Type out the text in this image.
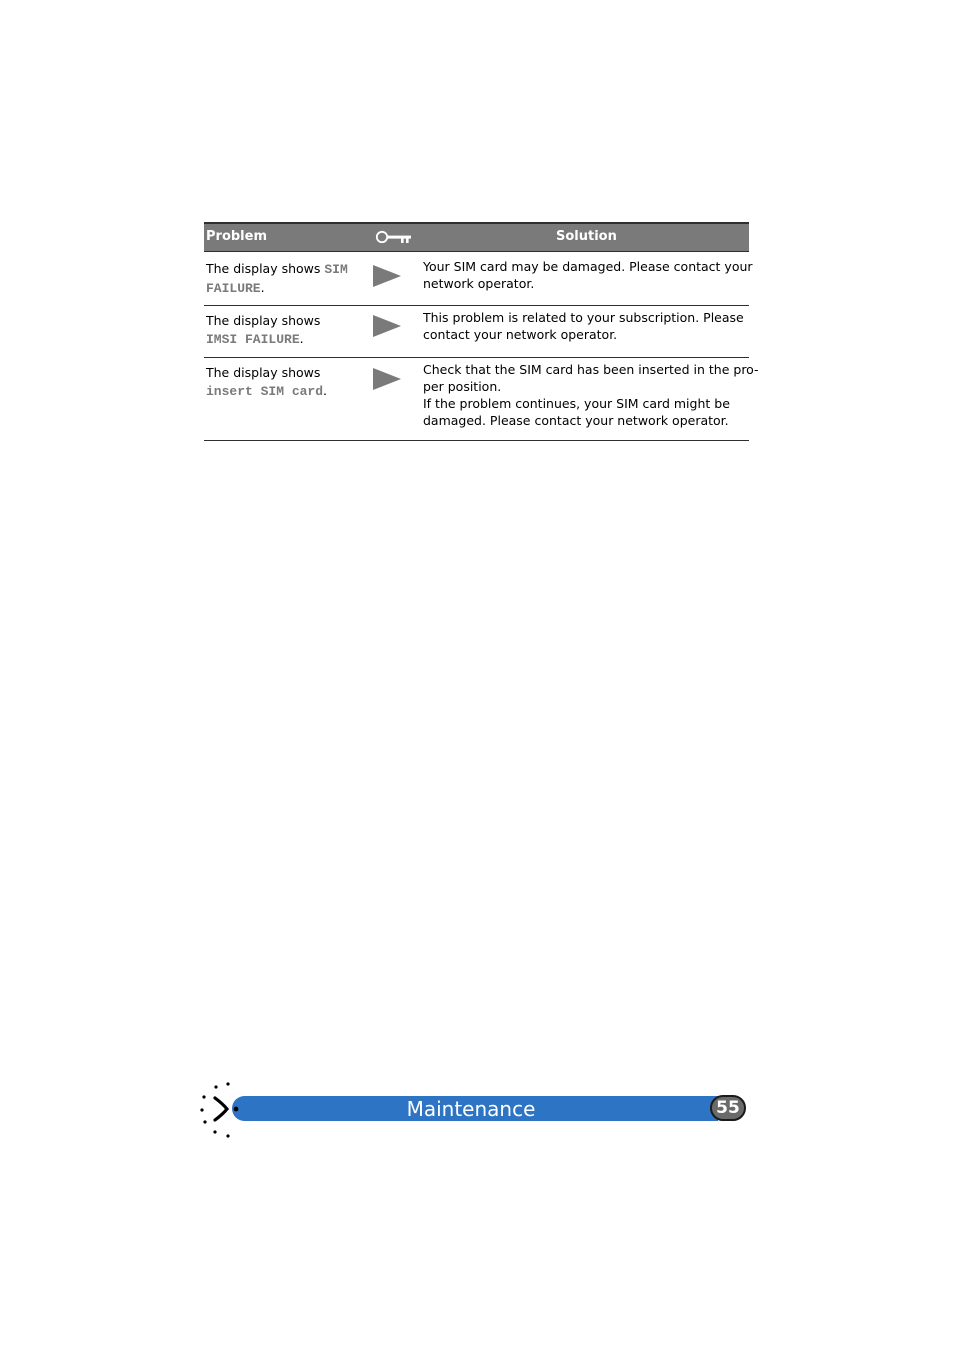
Problem	Solution
The display shows SIM
FAILURE.
Your SIM card may be damaged. Please contact your
network operator.
The display shows
IMSI FAILURE.
This problem is related to your subscription. Please
contact your network operator.
The display shows
insert SIM card.
Check that the SIM card has been inserted in the pro-
per position.
If the problem continues, your SIM card might be
damaged. Please contact your network operator.
Maintenance	55
